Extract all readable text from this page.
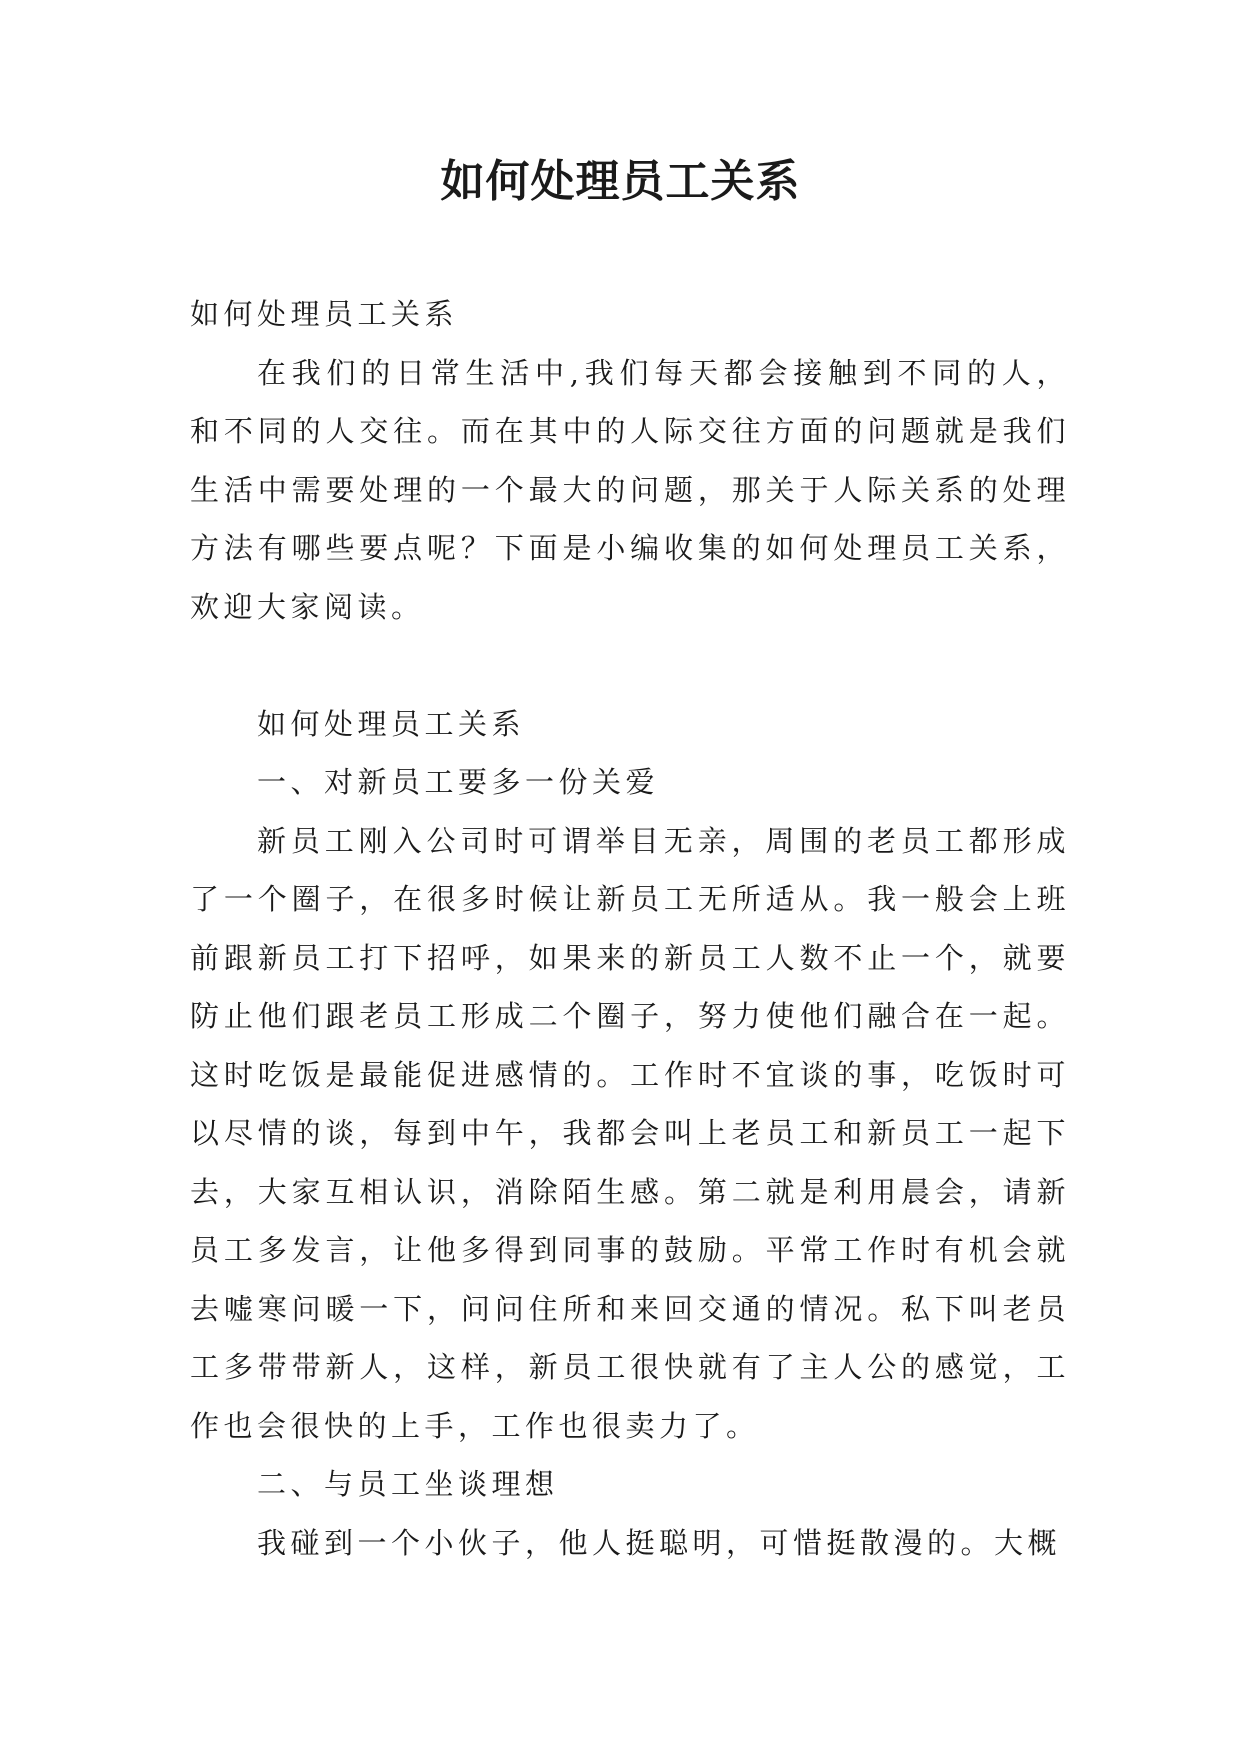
如何处理员工关系

如何处理员工关系

在我们的日常生活中,我们每天都会接触到不同的人，和不同的人交往。而在其中的人际交往方面的问题就是我们生活中需要处理的一个最大的问题，那关于人际关系的处理方法有哪些要点呢？下面是小编收集的如何处理员工关系，欢迎大家阅读。

如何处理员工关系

一、对新员工要多一份关爱

新员工刚入公司时可谓举目无亲，周围的老员工都形成了一个圈子，在很多时候让新员工无所适从。我一般会上班前跟新员工打下招呼，如果来的新员工人数不止一个，就要防止他们跟老员工形成二个圈子，努力使他们融合在一起。这时吃饭是最能促进感情的。工作时不宜谈的事，吃饭时可以尽情的谈，每到中午，我都会叫上老员工和新员工一起下去，大家互相认识，消除陌生感。第二就是利用晨会，请新员工多发言，让他多得到同事的鼓励。平常工作时有机会就去嘘寒问暖一下，问问住所和来回交通的情况。私下叫老员工多带带新人，这样，新员工很快就有了主人公的感觉，工作也会很快的上手，工作也很卖力了。

二、与员工坐谈理想

我碰到一个小伙子，他人挺聪明，可惜挺散漫的。大概
